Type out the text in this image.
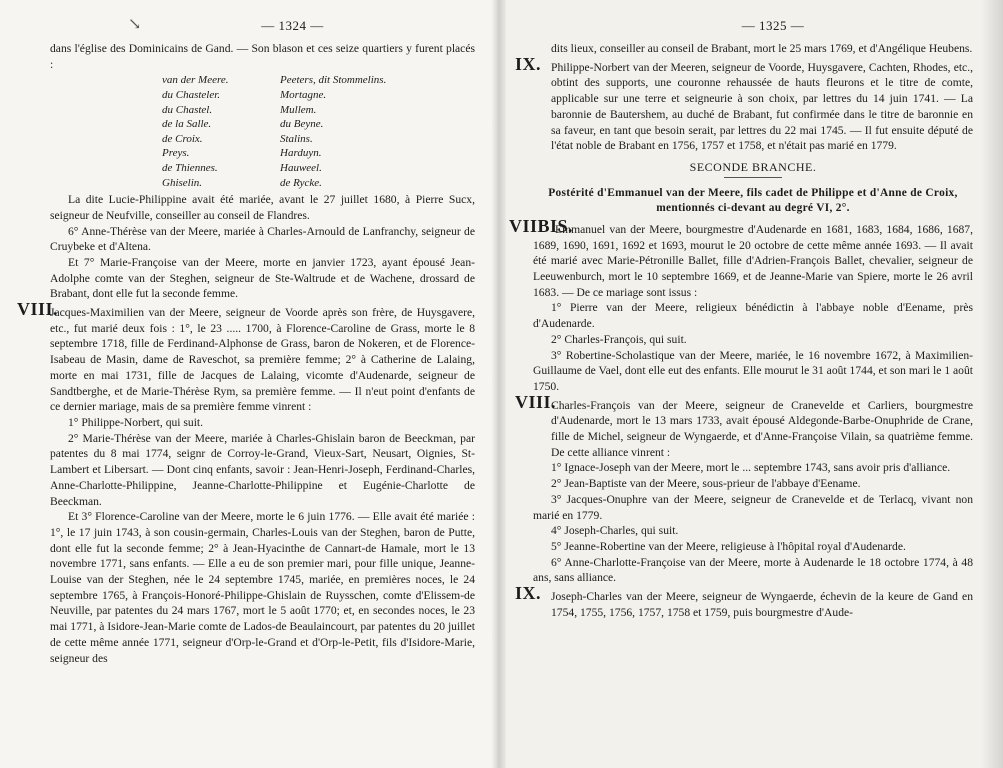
↘	— 1324 —

dans l'église des Dominicains de Gand. — Son blason et ces seize quartiers y furent placés :

van der Meere.	Peeters, dit Stommelins.
du Chasteler.	Mortagne.
du Chastel.	Mullem.
de la Salle.	du Beyne.
de Croix.	Stalins.
Preys.	Harduyn.
de Thiennes.	Hauweel.
Ghiselin.	de Rycke.

La dite Lucie-Philippine avait été mariée, avant le 27 juillet 1680, à Pierre Sucx, seigneur de Neufville, conseiller au conseil de Flandres.

6° Anne-Thérèse van der Meere, mariée à Charles-Arnould de Lanfranchy, seigneur de Cruybeke et d'Altena.

Et 7° Marie-Françoise van der Meere, morte en janvier 1723, ayant épousé Jean-Adolphe comte van der Steghen, seigneur de Ste-Waltrude et de Wachene, drossard de Brabant, dont elle fut la seconde femme.

VIII.
Jacques-Maximilien van der Meere, seigneur de Voorde après son frère, de Huysgavere, etc., fut marié deux fois : 1°, le 23 ..... 1700, à Florence-Caroline de Grass, morte le 8 septembre 1718, fille de Ferdinand-Alphonse de Grass, baron de Nokeren, et de Florence-Isabeau de Masin, dame de Raveschot, sa première femme; 2° à Catherine de Lalaing, morte en mai 1731, fille de Jacques de Lalaing, vicomte d'Audenarde, seigneur de Sandtberghe, et de Marie-Thérèse Rym, sa première femme. — Il n'eut point d'enfants de ce dernier mariage, mais de sa première femme vinrent :

1° Philippe-Norbert, qui suit.

2° Marie-Thérèse van der Meere, mariée à Charles-Ghislain baron de Beeckman, par patentes du 8 mai 1774, seignr de Corroy-le-Grand, Vieux-Sart, Neusart, Oignies, St-Lambert et Libersart. — Dont cinq enfants, savoir : Jean-Henri-Joseph, Ferdinand-Charles, Anne-Charlotte-Philippine, Jeanne-Charlotte-Philippine et Eugénie-Charlotte de Beeckman.

Et 3° Florence-Caroline van der Meere, morte le 6 juin 1776. — Elle avait été mariée : 1°, le 17 juin 1743, à son cousin-germain, Charles-Louis van der Steghen, baron de Putte, dont elle fut la seconde femme; 2° à Jean-Hyacinthe de Cannart-de Hamale, mort le 13 novembre 1771, sans enfants. — Elle a eu de son premier mari, pour fille unique, Jeanne-Louise van der Steghen, née le 24 septembre 1745, mariée, en premières noces, le 24 septembre 1765, à François-Honoré-Philippe-Ghislain de Ruysschen, comte d'Elissem-de Neuville, par patentes du 24 mars 1767, mort le 5 août 1770; et, en secondes noces, le 23 mai 1771, à Isidore-Jean-Marie comte de Lados-de Beaulaincourt, par patentes du 20 juillet de cette même année 1771, seigneur d'Orp-le-Grand et d'Orp-le-Petit, fils d'Isidore-Marie, seigneur des

— 1325 —

dits lieux, conseiller au conseil de Brabant, mort le 25 mars 1769, et d'Angélique Heubens.

IX. Philippe-Norbert van der Meeren, seigneur de Voorde, Huysgavere, Cachten, Rhodes, etc., obtint des supports, une couronne rehaussée de hauts fleurons et le titre de comte, applicable sur une terre et seigneurie à son choix, par lettres du 14 juin 1741. — La baronnie de Bautershem, au duché de Brabant, fut confirmée dans le titre de baronnie en sa faveur, en tant que besoin serait, par lettres du 22 mai 1745. — Il fut ensuite député de l'état noble de Brabant en 1756, 1757 et 1758, et n'était pas marié en 1779.

SECONDE BRANCHE.
Postérité d'Emmanuel van der Meere, fils cadet de Philippe et d'Anne de Croix, mentionnés ci-devant au degré VI, 2°.

VIIBIS.
Emmanuel van der Meere, bourgmestre d'Audenarde en 1681, 1683, 1684, 1686, 1687, 1689, 1690, 1691, 1692 et 1693, mourut le 20 octobre de cette même année 1693. — Il avait été marié avec Marie-Pétronille Ballet, fille d'Adrien-François Ballet, chevalier, seigneur de Leeuwenburch, mort le 10 septembre 1669, et de Jeanne-Marie van Spiere, morte le 26 avril 1683. — De ce mariage sont issus :

1° Pierre van der Meere, religieux bénédictin à l'abbaye noble d'Eename, près d'Audenarde.

2° Charles-François, qui suit.

3° Robertine-Scholastique van der Meere, mariée, le 16 novembre 1672, à Maximilien-Guillaume de Vael, dont elle eut des enfants. Elle mourut le 31 août 1744, et son mari le 1 août 1750.

VIII.
Charles-François van der Meere, seigneur de Cranevelde et Carliers, bourgmestre d'Audenarde, mort le 13 mars 1733, avait épousé Aldegonde-Barbe-Onuphride de Crane, fille de Michel, seigneur de Wyngaerde, et d'Anne-Françoise Vilain, sa quatrième femme. De cette alliance vinrent :

1° Ignace-Joseph van der Meere, mort le ... septembre 1743, sans avoir pris d'alliance.

2° Jean-Baptiste van der Meere, sous-prieur de l'abbaye d'Eename.

3° Jacques-Onuphre van der Meere, seigneur de Cranevelde et de Terlacq, vivant non marié en 1779.

4° Joseph-Charles, qui suit.

5° Jeanne-Robertine van der Meere, religieuse à l'hôpital royal d'Audenarde.

6° Anne-Charlotte-Françoise van der Meere, morte à Audenarde le 18 octobre 1774, à 48 ans, sans alliance.

IX. Joseph-Charles van der Meere, seigneur de Wyngaerde, échevin de la keure de Gand en 1754, 1755, 1756, 1757, 1758 et 1759, puis bourgmestre d'Aude-
